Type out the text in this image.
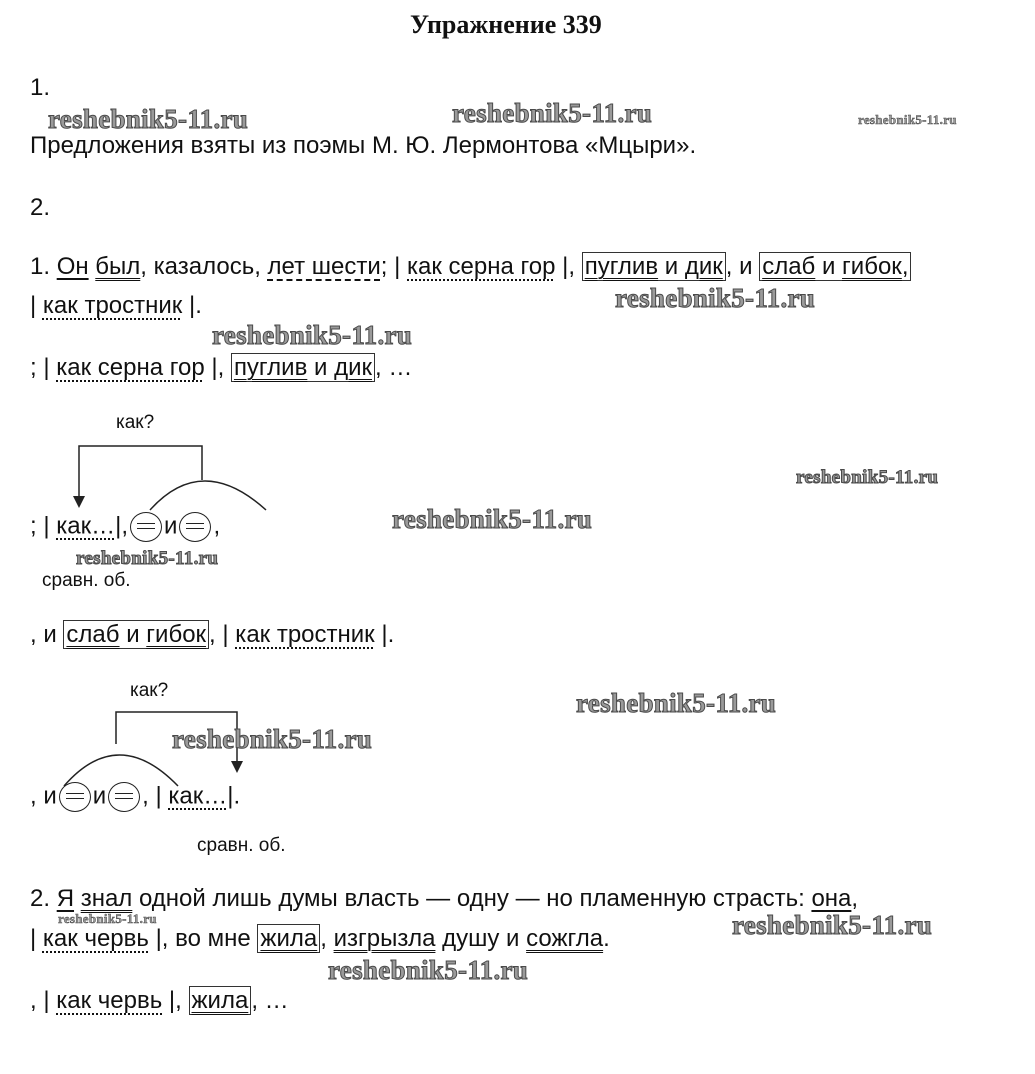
Упражнение 339
1.
Предложения взяты из поэмы М. Ю. Лермонтова «Мцыри».
2.
1. Он был, казалось, лет шести; | как серна гор |, пуглив и дик , и слаб и гибок,
| как тростник |.
; | как серна гор |, пуглив и дик , …
как?
; | как…|, и ,
сравн. об.
, и слаб и гибок , | как тростник |.
как?
, и и , | как…|.
сравн. об.
2. Я знал одной лишь думы власть — одну — но пламенную страсть: она,
| как червь |, во мне жила , изгрызла душу и сожгла.
, | как червь |, жила , …
reshebnik5-11.ru	reshebnik5-11.ru	reshebnik5-11.ru
reshebnik5-11.ru
reshebnik5-11.ru
reshebnik5-11.ru
reshebnik5-11.ru
reshebnik5-11.ru
reshebnik5-11.ru
reshebnik5-11.ru
reshebnik5-11.ru	reshebnik5-11.ru
reshebnik5-11.ru
